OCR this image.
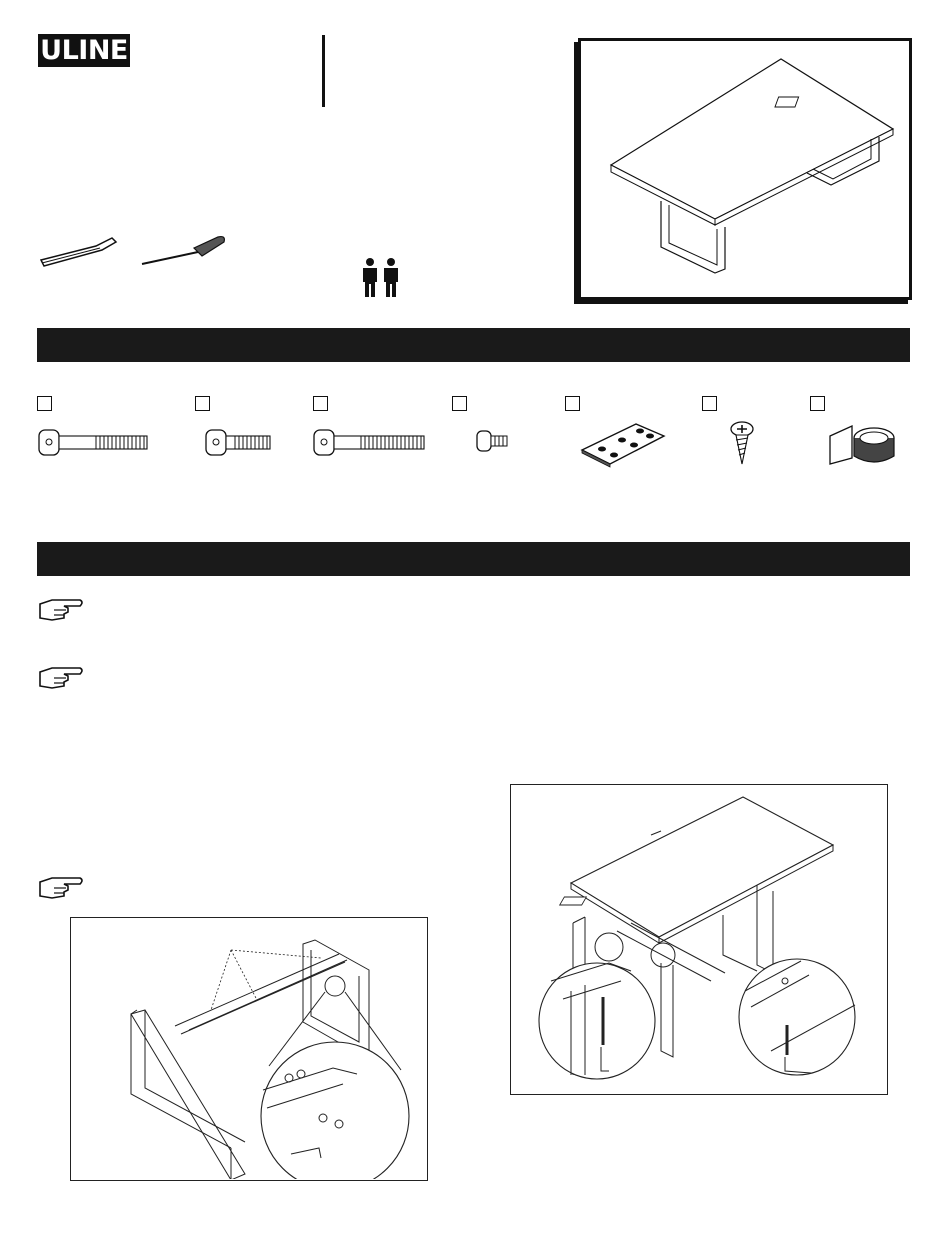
ULINE
